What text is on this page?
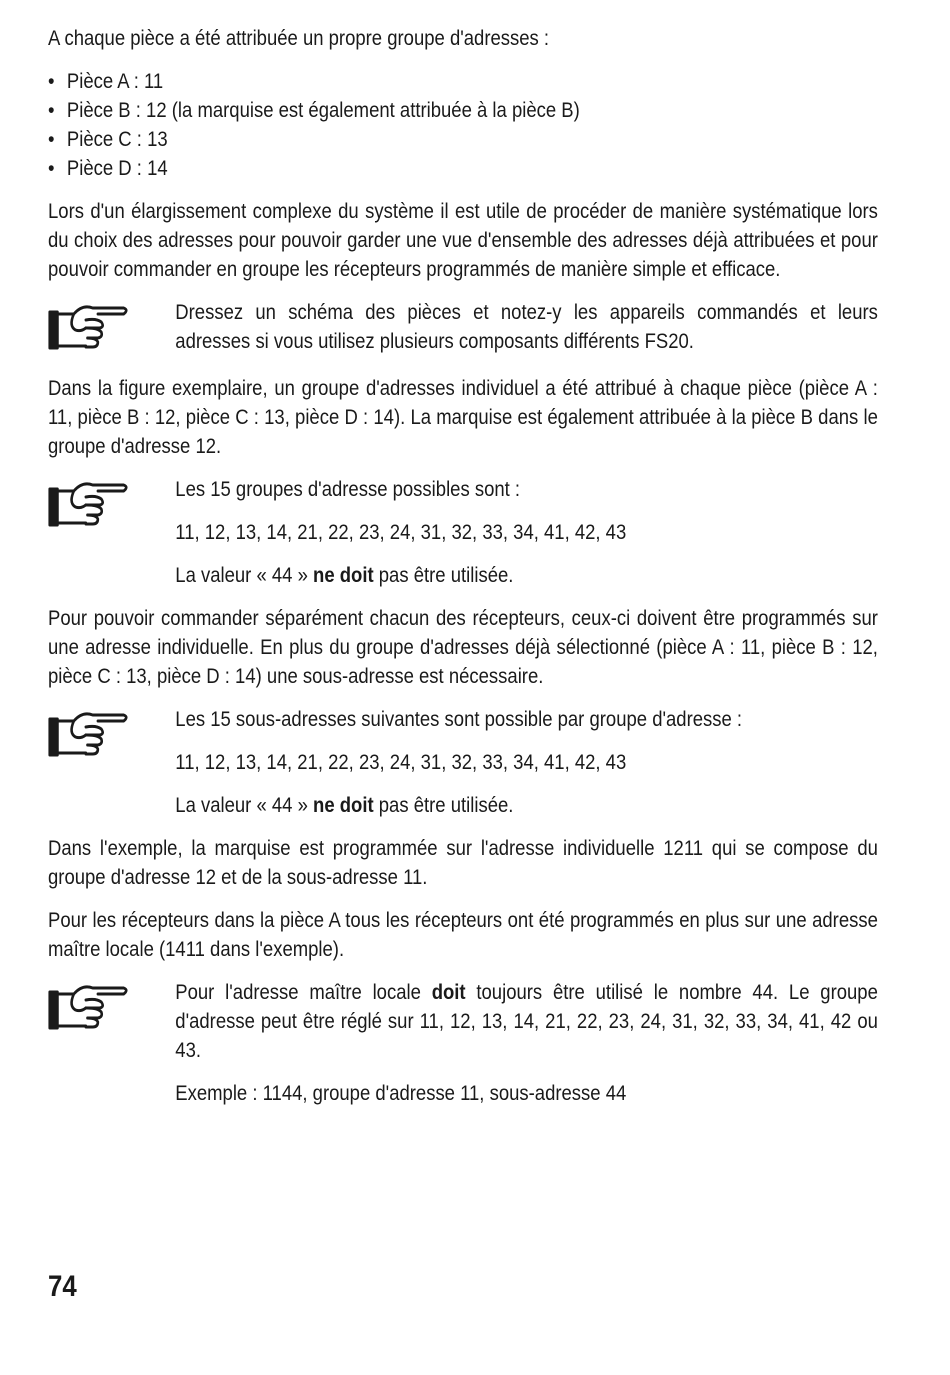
A chaque pièce a été attribuée un propre groupe d'adresses :

• Pièce A : 11
• Pièce B : 12 (la marquise est également attribuée à la pièce B)
• Pièce C : 13
• Pièce D : 14

Lors d'un élargissement complexe du système il est utile de procéder de manière systématique lors du choix des adresses pour pouvoir garder une vue d'ensemble des adresses déjà attribuées et pour pouvoir commander en groupe les récepteurs programmés de manière simple et efficace.

Dressez un schéma des pièces et notez-y les appareils commandés et leurs adresses si vous utilisez plusieurs composants différents FS20.

Dans la figure exemplaire, un groupe d'adresses individuel a été attribué à chaque pièce (pièce A : 11, pièce B : 12, pièce C : 13, pièce D : 14). La marquise est également attribuée à la pièce B dans le groupe d'adresse 12.

Les 15 groupes d'adresse possibles sont :

11, 12, 13, 14, 21, 22, 23, 24, 31, 32, 33, 34, 41, 42, 43

La valeur « 44 » ne doit pas être utilisée.

Pour pouvoir commander séparément chacun des récepteurs, ceux-ci doivent être programmés sur une adresse individuelle. En plus du groupe d'adresses déjà sélectionné (pièce A : 11, pièce B : 12, pièce C : 13, pièce D : 14) une sous-adresse est nécessaire.

Les 15 sous-adresses suivantes sont possible par groupe d'adresse :

11, 12, 13, 14, 21, 22, 23, 24, 31, 32, 33, 34, 41, 42, 43

La valeur « 44 » ne doit pas être utilisée.

Dans l'exemple, la marquise est programmée sur l'adresse individuelle 1211 qui se compose du groupe d'adresse 12 et de la sous-adresse 11.

Pour les récepteurs dans la pièce A tous les récepteurs ont été programmés en plus sur une adresse maître locale (1411 dans l'exemple).

Pour l'adresse maître locale doit toujours être utilisé le nombre 44. Le groupe d'adresse peut être réglé sur 11, 12, 13, 14, 21, 22, 23, 24, 31, 32, 33, 34, 41, 42 ou 43.

Exemple : 1144, groupe d'adresse 11, sous-adresse 44

74
